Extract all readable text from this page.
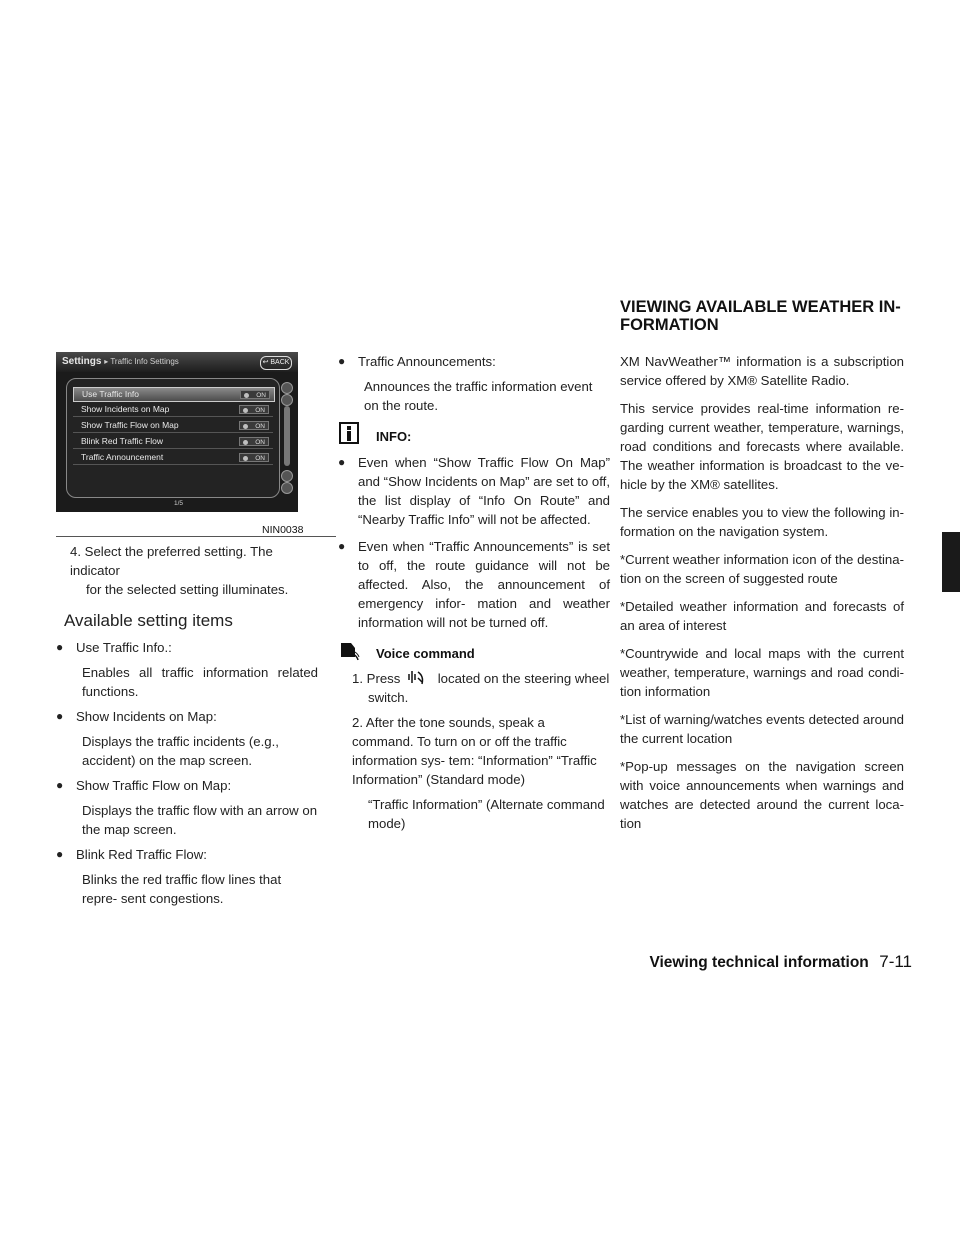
Settings ▸ Traffic Info Settings	↩ BACK
Use Traffic Info	ON
Show Incidents on Map	ON
Show Traffic Flow on Map	ON
Blink Red Traffic Flow	ON
Traffic Announcement	ON
1/5
NIN0038

4. Select the preferred setting. The indicator

for the selected setting illuminates.

Available setting items

● Use Traffic Info.:

Enables all traffic information related functions.

● Show Incidents on Map:

Displays the traffic incidents (e.g., accident) on the map screen.

● Show Traffic Flow on Map:

Displays the traffic flow with an arrow on the map screen.

● Blink Red Traffic Flow:

Blinks the red traffic flow lines that repre- sent congestions.

● Traffic Announcements:

Announces the traffic information event on the route.

INFO:
● Even when “Show Traffic Flow On Map” and “Show Incidents on Map” are set to off, the list display of “Info On Route” and “Nearby Traffic Info” will not be affected.

● Even when “Traffic Announcements” is set to off, the route guidance will not be affected. Also, the announcement of emergency infor- mation and weather information will not be turned off.

Voice command
1. Press	located on the steering wheel

switch.

2. After the tone sounds, speak a command. To turn on or off the traffic information sys- tem: “Information” “Traffic Information” (Standard mode)

“Traffic Information” (Alternate command mode)

VIEWING AVAILABLE WEATHER IN-

FORMATION

XM NavWeather™ information is a subscription service offered by XM® Satellite Radio.

This service provides real-time information re- garding current weather, temperature, warnings, road conditions and forecasts where available. The weather information is broadcast to the ve- hicle by the XM® satellites.

The service enables you to view the following in- formation on the navigation system.

*Current weather information icon of the destina- tion on the screen of suggested route

*Detailed weather information and forecasts of an area of interest

*Countrywide and local maps with the current weather, temperature, warnings and road condi- tion information

*List of warning/watches events detected around the current location

*Pop-up messages on the navigation screen with voice announcements when warnings and watches are detected around the current loca- tion

Viewing technical information 7-11
